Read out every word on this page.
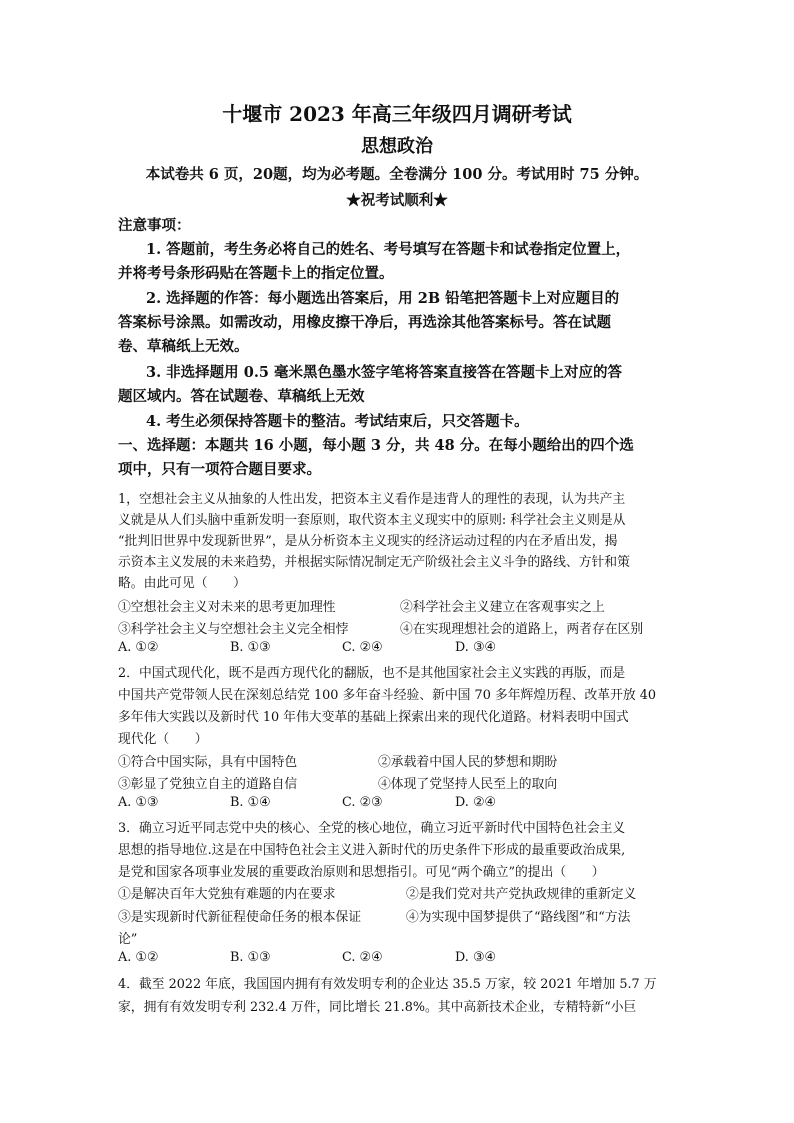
十堰市 2023 年高三年级四月调研考试
思想政治
本试卷共 6 页，20题，均为必考题。全卷满分 100 分。考试用时 75 分钟。
★祝考试顺利★
注意事项：
1. 答题前，考生务必将自己的姓名、考号填写在答题卡和试卷指定位置上，
并将考号条形码贴在答题卡上的指定位置。
2. 选择题的作答：每小题选出答案后，用 2B 铅笔把答题卡上对应题目的
答案标号涂黑。如需改动，用橡皮擦干净后，再选涂其他答案标号。答在试题
卷、草稿纸上无效。
3. 非选择题用 0.5 毫米黑色墨水签字笔将答案直接答在答题卡上对应的答
题区域内。答在试题卷、草稿纸上无效
4. 考生必须保持答题卡的整洁。考试结束后，只交答题卡。
一、选择题：本题共 16 小题，每小题 3 分，共 48 分。在每小题给出的四个选
项中，只有一项符合题目要求。
1，空想社会主义从抽象的人性出发，把资本主义看作是违背人的理性的表现，认为共产主
义就是从人们头脑中重新发明一套原则，取代资本主义现实中的原则: 科学社会主义则是从
“批判旧世界中发现新世界”，是从分析资本主义现实的经济运动过程的内在矛盾出发，揭
示资本主义发展的未来趋势，并根据实际情况制定无产阶级社会主义斗争的路线、方针和策
略。由此可见（　　）
①空想社会主义对未来的思考更加理性	②科学社会主义建立在客观事实之上
③科学社会主义与空想社会主义完全相悖	④在实现理想社会的道路上，两者存在区别
A. ①②	B. ①③	C. ②④	D. ③④
2．中国式现代化，既不是西方现代化的翻版，也不是其他国家社会主义实践的再版，而是
中国共产党带领人民在深刻总结党 100 多年奋斗经验、新中国 70 多年辉煌历程、改革开放 40
多年伟大实践以及新时代 10 年伟大变革的基础上探索出来的现代化道路。材料表明中国式
现代化（　　）
①符合中国实际，具有中国特色	②承载着中国人民的梦想和期盼
③彰显了党独立自主的道路自信	④体现了党坚持人民至上的取向
A. ①③	B. ①④	C. ②③	D. ②④
3．确立习近平同志党中央的核心、全党的核心地位，确立习近平新时代中国特色社会主义
思想的指导地位.这是在中国特色社会主义进入新时代的历史条件下形成的最重要政治成果,
是党和国家各项事业发展的重要政治原则和思想指引。可见“两个确立”的提出（　　）
①是解决百年大党独有难题的内在要求	②是我们党对共产党执政规律的重新定义
③是实现新时代新征程使命任务的根本保证	④为实现中国梦提供了“路线图”和“方法
论”
A. ①②	B. ①③	C. ②④	D. ③④
4．截至 2022 年底，我国国内拥有有效发明专利的企业达 35.5 万家，较 2021 年增加 5.7 万
家，拥有有效发明专利 232.4 万件，同比增长 21.8%。其中高新技术企业，专精特新“小巨
